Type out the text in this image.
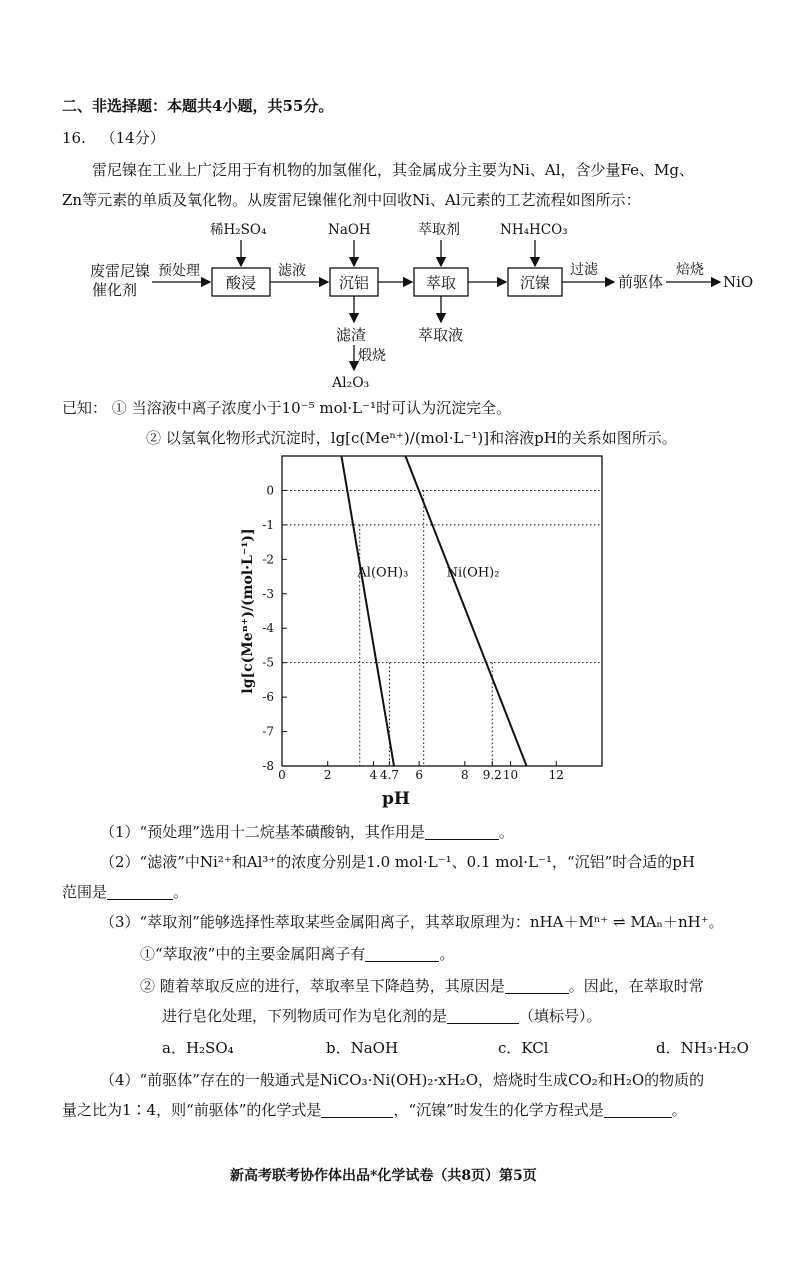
二、非选择题：本题共4小题，共55分。
16. （14分）
雷尼镍在工业上广泛用于有机物的加氢催化，其金属成分主要为Ni、Al，含少量Fe、Mg、
Zn等元素的单质及氧化物。从废雷尼镍催化剂中回收Ni、Al元素的工艺流程如图所示：
废雷尼镍
催化剂
预处理
酸浸
稀H₂SO₄
滤液
沉铝
NaOH
滤渣
煅烧
Al₂O₃
萃取
萃取剂
萃取液
沉镍
NH₄HCO₃
过滤
前驱体
焙烧
NiO
已知： ① 当溶液中离子浓度小于10⁻⁵ mol·L⁻¹时可认为沉淀完全。
② 以氢氧化物形式沉淀时，lg[c(Meⁿ⁺)/(mol·L⁻¹)]和溶液pH的关系如图所示。
Al(OH)₃	Ni(OH)₂
0
-1
-2
-3
-4
-5
-6
-7
-8
0	2	4 4.7 6	8 9.2 10	12
pH
lg[c(Meⁿ⁺)/(mol·L⁻¹)]
（1）“预处理”选用十二烷基苯磺酸钠，其作用是	。
（2）“滤液”中Ni²⁺和Al³⁺的浓度分别是1.0 mol·L⁻¹、0.1 mol·L⁻¹，“沉铝”时合适的pH
范围是	。
（3）“萃取剂”能够选择性萃取某些金属阳离子，其萃取原理为：nHA＋Mⁿ⁺ ⇌ MAₙ＋nH⁺。
①“萃取液”中的主要金属阳离子有	。
② 随着萃取反应的进行，萃取率呈下降趋势，其原因是	。因此，在萃取时常
进行皂化处理，下列物质可作为皂化剂的是	（填标号）。
a．H₂SO₄	b．NaOH	c．KCl	d．NH₃·H₂O
（4）“前驱体”存在的一般通式是NiCO₃·Ni(OH)₂·xH₂O，焙烧时生成CO₂和H₂O的物质的
量之比为1∶4，则“前驱体”的化学式是	，“沉镍”时发生的化学方程式是	。
新高考联考协作体出品*化学试卷（共8页）第5页
